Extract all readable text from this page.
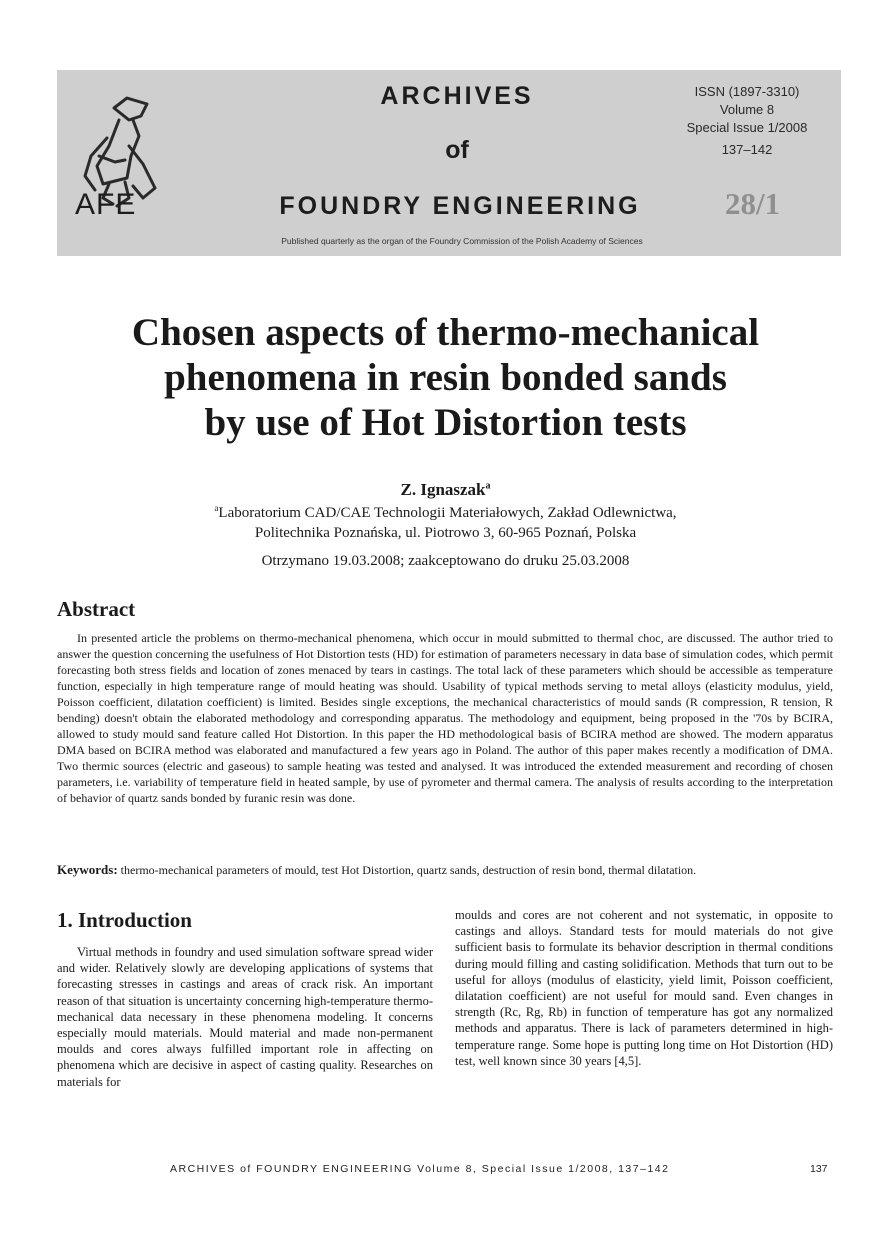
AFE
ARCHIVES
of
FOUNDRY ENGINEERING
Published quarterly as the organ of the Foundry Commission of the Polish Academy of Sciences
ISSN (1897-3310)
Volume 8
Special Issue 1/2008
137–142
28/1
Chosen aspects of thermo-mechanical
phenomena in resin bonded sands
by use of Hot Distortion tests
Z. Ignaszak$^a$
$^a$Laboratorium CAD/CAE Technologii Materiałowych, Zakład Odlewnictwa,
Politechnika Poznańska, ul. Piotrowo 3, 60-965 Poznań, Polska
Otrzymano 19.03.2008; zaakceptowano do druku 25.03.2008
Abstract
In presented article the problems on thermo-mechanical phenomena, which occur in mould submitted to thermal choc, are discussed. The author tried to answer the question concerning the usefulness of Hot Distortion tests (HD) for estimation of parameters necessary in data base of simulation codes, which permit forecasting both stress fields and location of zones menaced by tears in castings. The total lack of these parameters which should be accessible as temperature function, especially in high temperature range of mould heating was should. Usability of typical methods serving to metal alloys (elasticity modulus, yield, Poisson coefficient, dilatation coefficient) is limited. Besides single exceptions, the mechanical characteristics of mould sands (R compression, R tension, R bending) doesn't obtain the elaborated methodology and corresponding apparatus. The methodology and equipment, being proposed in the '70s by BCIRA, allowed to study mould sand feature called Hot Distortion. In this paper the HD methodological basis of BCIRA method are showed. The modern apparatus DMA based on BCIRA method was elaborated and manufactured a few years ago in Poland. The author of this paper makes recently a modification of DMA. Two thermic sources (electric and gaseous) to sample heating was tested and analysed. It was introduced the extended measurement and recording of chosen parameters, i.e. variability of temperature field in heated sample, by use of pyrometer and thermal camera. The analysis of results according to the interpretation of behavior of quartz sands bonded by furanic resin was done.
Keywords: thermo-mechanical parameters of mould, test Hot Distortion, quartz sands, destruction of resin bond, thermal dilatation.
1. Introduction
Virtual methods in foundry and used simulation software spread wider and wider. Relatively slowly are developing applications of systems that forecasting stresses in castings and areas of crack risk. An important reason of that situation is uncertainty concerning high-temperature thermo-mechanical data necessary in these phenomena modeling. It concerns especially mould materials. Mould material and made non-permanent moulds and cores always fulfilled important role in affecting on phenomena which are decisive in aspect of casting quality. Researches on materials for
moulds and cores are not coherent and not systematic, in opposite to castings and alloys. Standard tests for mould materials do not give sufficient basis to formulate its behavior description in thermal conditions during mould filling and casting solidification. Methods that turn out to be useful for alloys (modulus of elasticity, yield limit, Poisson coefficient, dilatation coefficient) are not useful for mould sand. Even changes in strength (Rc, Rg, Rb) in function of temperature has got any normalized methods and apparatus. There is lack of parameters determined in high-temperature range. Some hope is putting long time on Hot Distortion (HD) test, well known since 30 years [4,5].
ARCHIVES of FOUNDRY ENGINEERING Volume 8, Special Issue 1/2008, 137–142	137
